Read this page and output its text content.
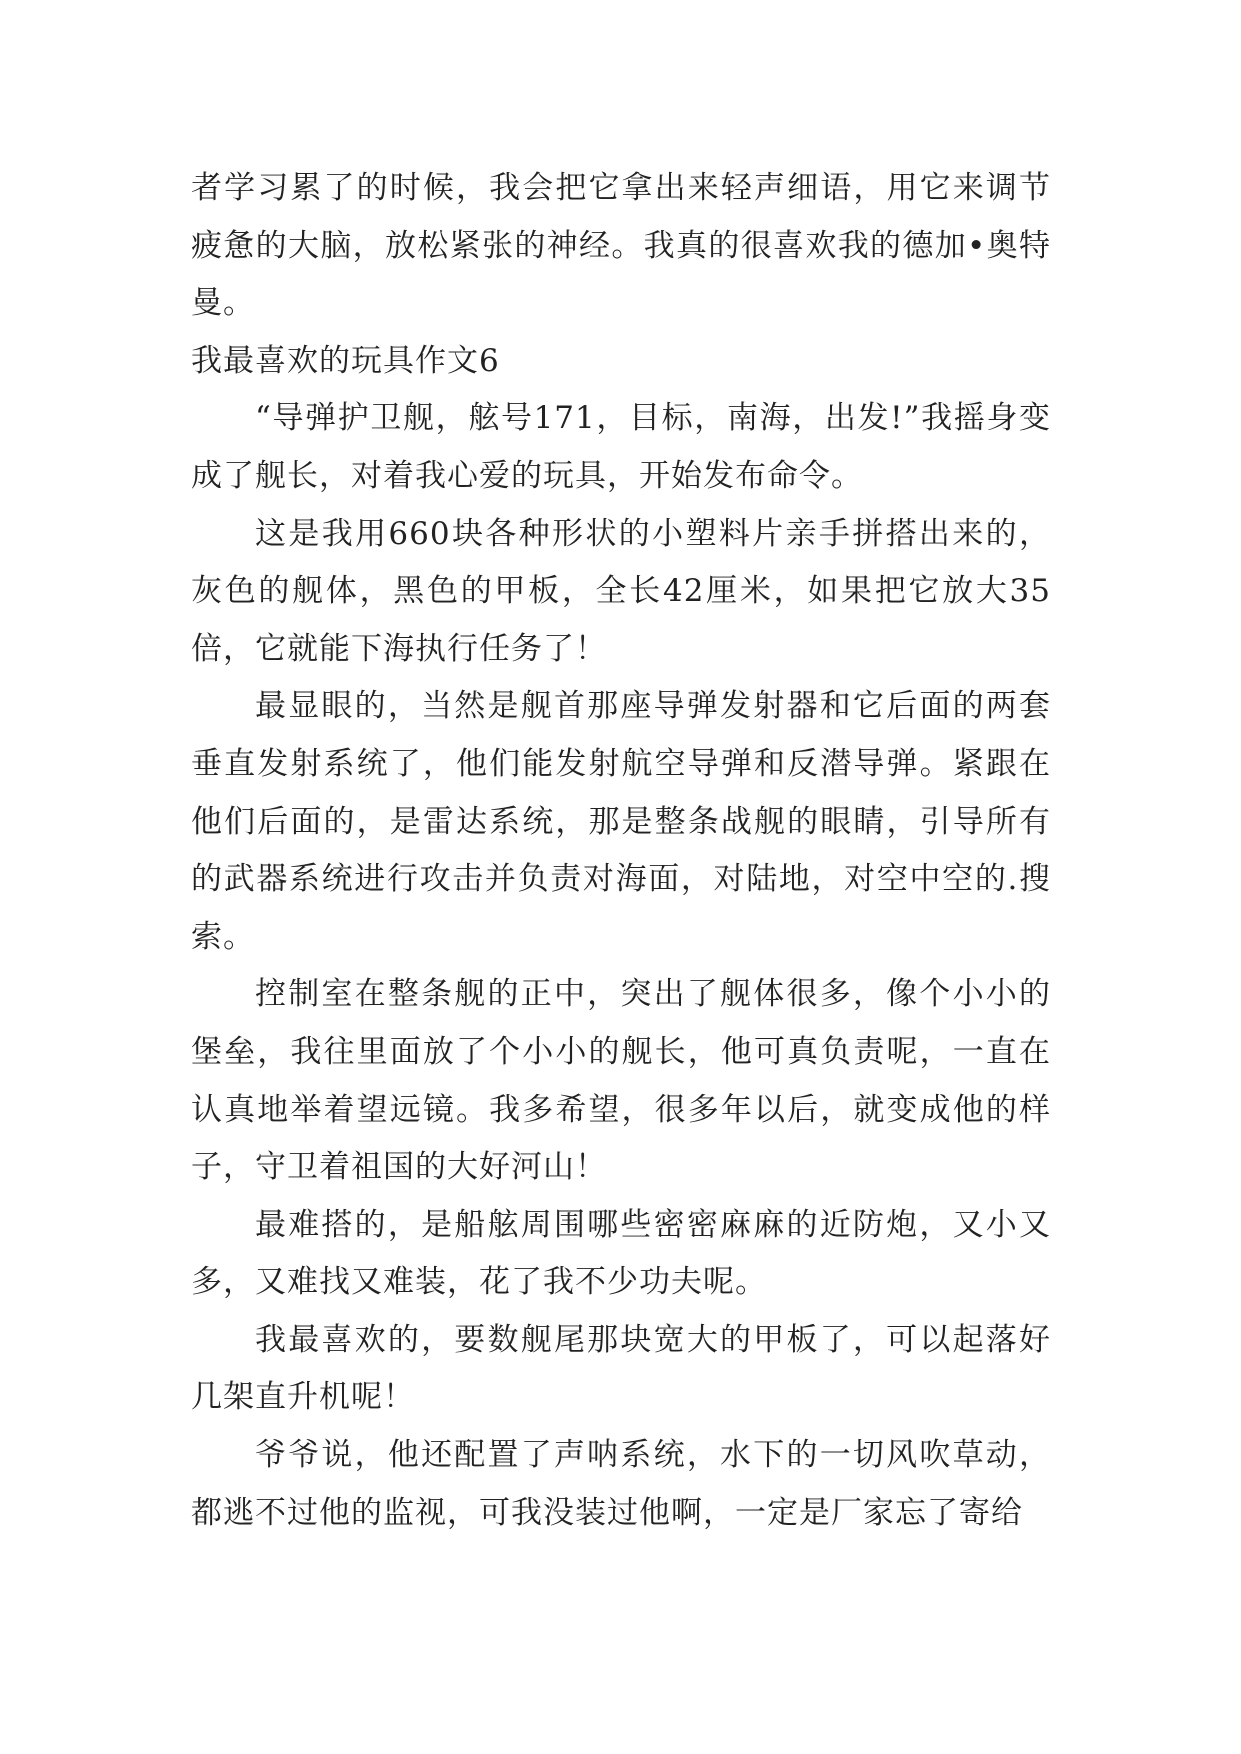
者学习累了的时候，我会把它拿出来轻声细语，用它来调节疲惫的大脑，放松紧张的神经。我真的很喜欢我的德加•奥特曼。

我最喜欢的玩具作文6

“导弹护卫舰，舷号171，目标，南海，出发!”我摇身变成了舰长，对着我心爱的玩具，开始发布命令。

这是我用660块各种形状的小塑料片亲手拼搭出来的，灰色的舰体，黑色的甲板，全长42厘米，如果把它放大35倍，它就能下海执行任务了！

最显眼的，当然是舰首那座导弹发射器和它后面的两套垂直发射系统了，他们能发射航空导弹和反潜导弹。紧跟在他们后面的，是雷达系统，那是整条战舰的眼睛，引导所有的武器系统进行攻击并负责对海面，对陆地，对空中空的.搜索。

控制室在整条舰的正中，突出了舰体很多，像个小小的堡垒，我往里面放了个小小的舰长，他可真负责呢，一直在认真地举着望远镜。我多希望，很多年以后，就变成他的样子，守卫着祖国的大好河山！

最难搭的，是船舷周围哪些密密麻麻的近防炮，又小又多，又难找又难装，花了我不少功夫呢。

我最喜欢的，要数舰尾那块宽大的甲板了，可以起落好几架直升机呢！

爷爷说，他还配置了声呐系统，水下的一切风吹草动，都逃不过他的监视，可我没装过他啊，一定是厂家忘了寄给
